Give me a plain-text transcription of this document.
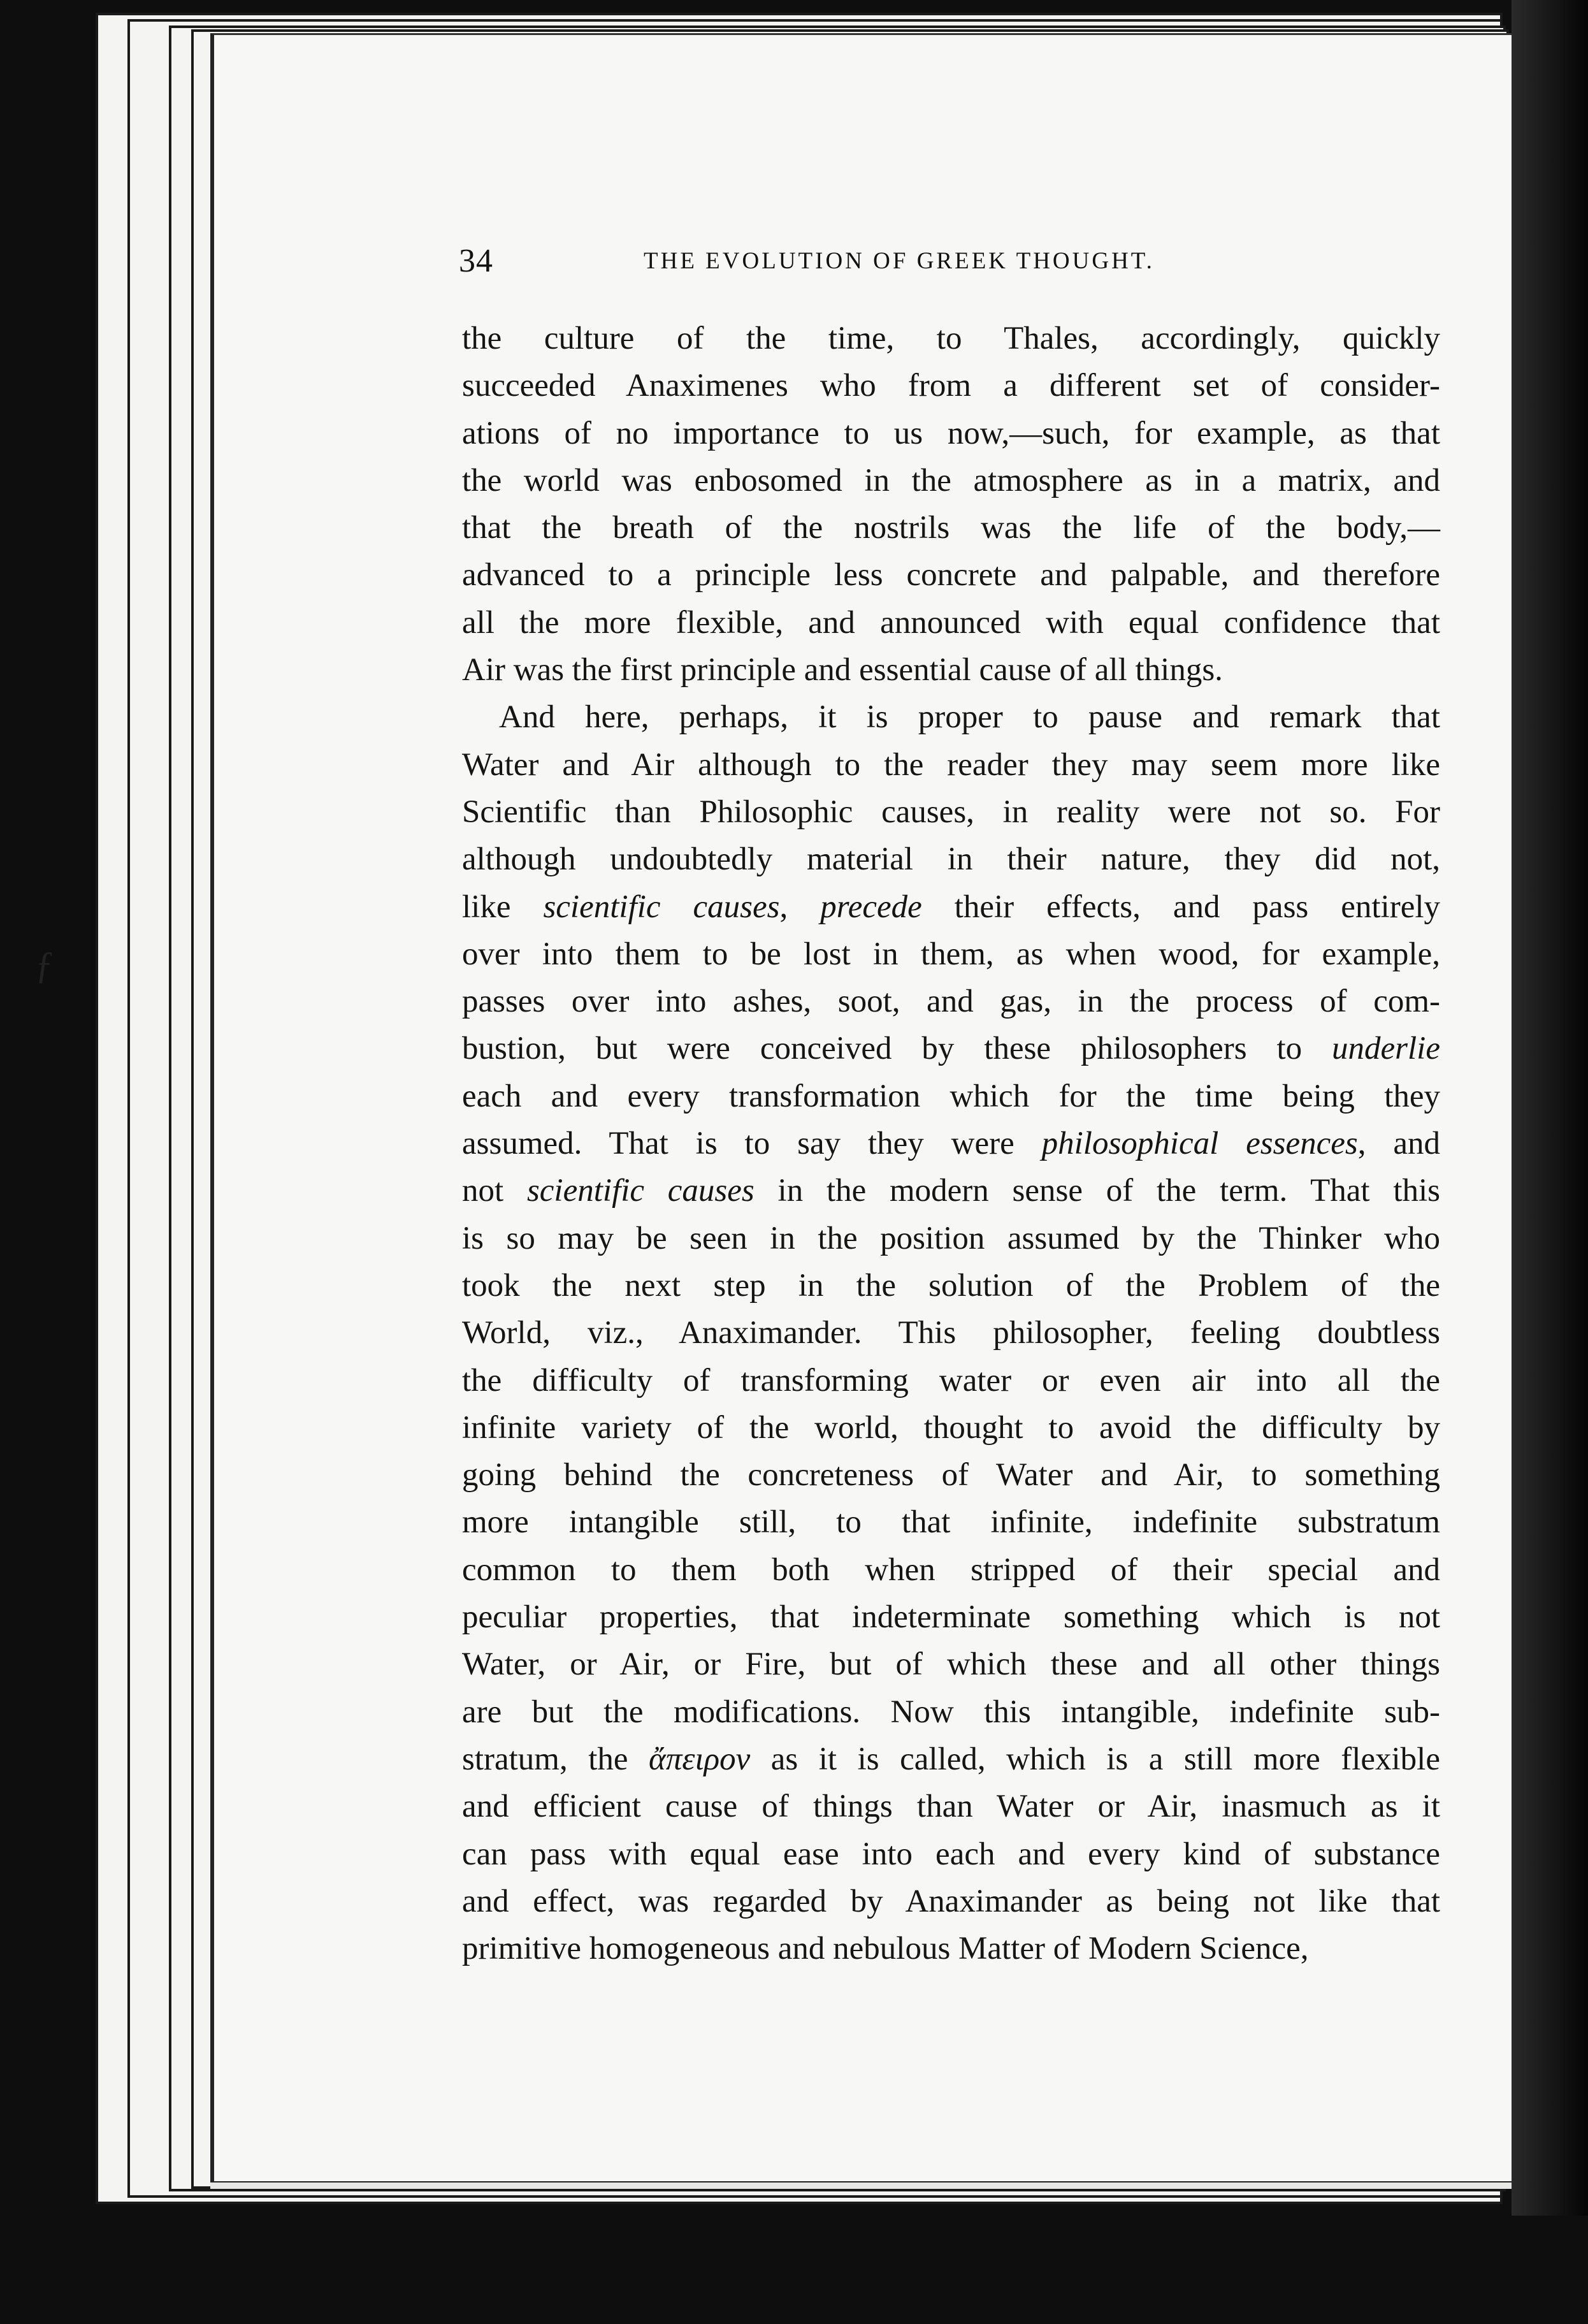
34	THE EVOLUTION OF GREEK THOUGHT.
the culture of the time, to Thales, accordingly, quickly
succeeded Anaximenes who from a different set of consider-
ations of no importance to us now,—such, for example, as that
the world was enbosomed in the atmosphere as in a matrix, and
that the breath of the nostrils was the life of the body,—
advanced to a principle less concrete and palpable, and therefore
all the more flexible, and announced with equal confidence that
Air was the first principle and essential cause of all things.
And here, perhaps, it is proper to pause and remark that
Water and Air although to the reader they may seem more like
Scientific than Philosophic causes, in reality were not so. For
although undoubtedly material in their nature, they did not,
like scientific causes, precede their effects, and pass entirely
over into them to be lost in them, as when wood, for example,
passes over into ashes, soot, and gas, in the process of com-
bustion, but were conceived by these philosophers to underlie
each and every transformation which for the time being they
assumed. That is to say they were philosophical essences, and
not scientific causes in the modern sense of the term. That this
is so may be seen in the position assumed by the Thinker who
took the next step in the solution of the Problem of the
World, viz., Anaximander. This philosopher, feeling doubtless
the difficulty of transforming water or even air into all the
infinite variety of the world, thought to avoid the difficulty by
going behind the concreteness of Water and Air, to something
more intangible still, to that infinite, indefinite substratum
common to them both when stripped of their special and
peculiar properties, that indeterminate something which is not
Water, or Air, or Fire, but of which these and all other things
are but the modifications. Now this intangible, indefinite sub-
stratum, the ἄπειρον as it is called, which is a still more flexible
and efficient cause of things than Water or Air, inasmuch as it
can pass with equal ease into each and every kind of substance
and effect, was regarded by Anaximander as being not like that
primitive homogeneous and nebulous Matter of Modern Science,
ƒ
